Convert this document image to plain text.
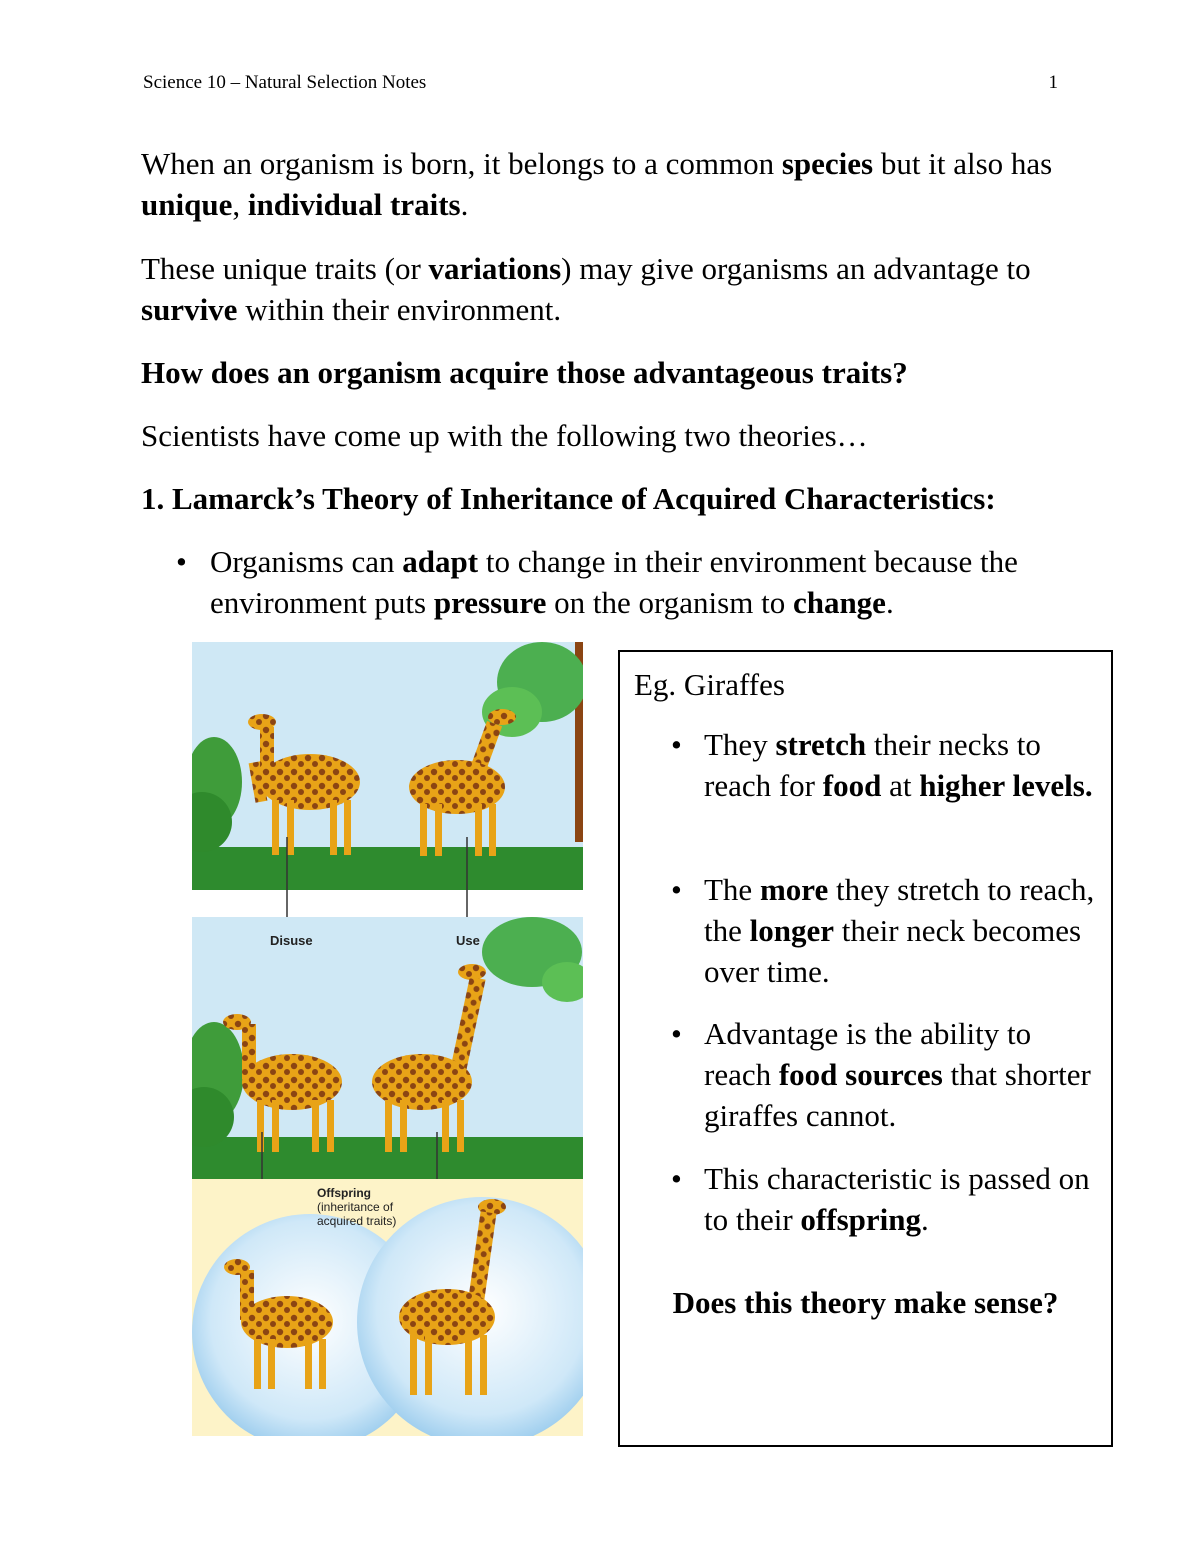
Science 10 – Natural Selection Notes	1

When an organism is born, it belongs to a common species but it also has unique, individual traits.

These unique traits (or variations) may give organisms an advantage to survive within their environment.

How does an organism acquire those advantageous traits?

Scientists have come up with the following two theories…

1. Lamarck’s Theory of Inheritance of Acquired Characteristics:

• Organisms can adapt to change in their environment because the environment puts pressure on the organism to change.
Disuse	Use
Offspring
(inheritance of
acquired traits)

Eg. Giraffes

• They stretch their necks to reach for food at higher levels.
• The more they stretch to reach, the longer their neck becomes over time.
• Advantage is the ability to reach food sources that shorter giraffes cannot.
• This characteristic is passed on to their offspring.

Does this theory make sense?
